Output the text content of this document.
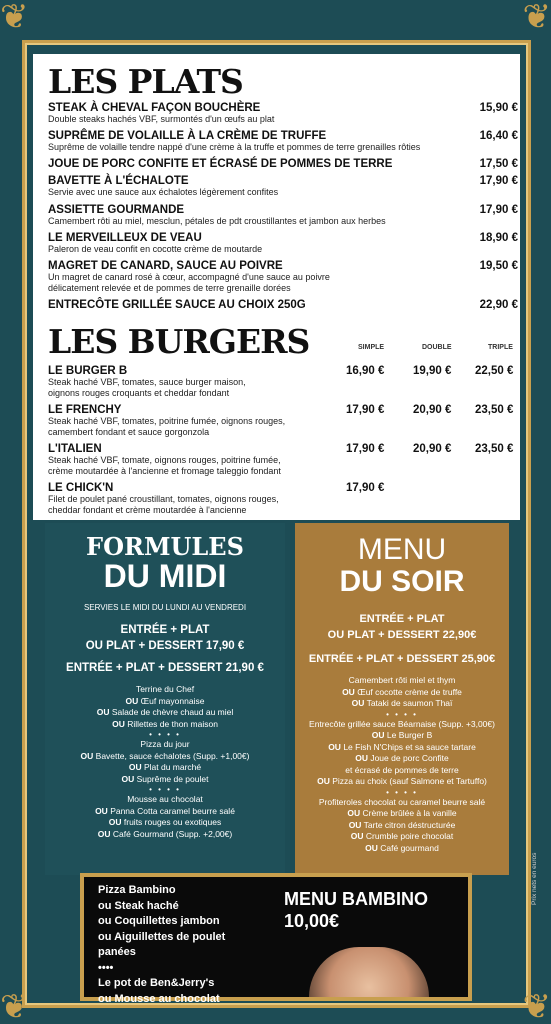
❦	❦
❦	❦
LES PLATS
STEAK À CHEVAL FAÇON BOUCHÈRE
Double steaks hachés VBF, surmontés d'un œufs au plat
15,90 €
SUPRÊME DE VOLAILLE À LA CRÈME DE TRUFFE
Suprême de volaille tendre nappé d'une crème à la truffe et pommes de terre grenailles rôties
16,40 €
JOUE DE PORC CONFITE ET ÉCRASÉ DE POMMES DE TERRE	17,50 €
BAVETTE À L'ÉCHALOTE
Servie avec une sauce aux échalotes légèrement confites
17,90 €
ASSIETTE GOURMANDE
Camembert rôti au miel, mesclun, pétales de pdt croustillantes et jambon aux herbes
17,90 €
LE MERVEILLEUX DE VEAU
Paleron de veau confit en cocotte crème de moutarde
18,90 €
MAGRET DE CANARD, SAUCE AU POIVRE
Un magret de canard rosé à cœur, accompagné d'une sauce au poivre
délicatement relevée et de pommes de terre grenaille dorées
19,50 €
ENTRECÔTE GRILLÉE SAUCE AU CHOIX 250G	22,90 €
LES BURGERS	SIMPLE	DOUBLE	TRIPLE
LE BURGER B
Steak haché VBF, tomates, sauce burger maison,
oignons rouges croquants et cheddar fondant
16,90 € 19,90 € 22,50 €
LE FRENCHY
Steak haché VBF, tomates, poitrine fumée, oignons rouges,
camembert fondant et sauce gorgonzola
17,90 € 20,90 € 23,50 €
L'ITALIEN
Steak haché VBF, tomate, oignons rouges, poitrine fumée,
crème moutardée à l'ancienne et fromage taleggio fondant
17,90 € 20,90 € 23,50 €
LE CHICK'N
Filet de poulet pané croustillant, tomates, oignons rouges,
cheddar fondant et crème moutardée à l'ancienne
17,90 €
FORMULES
DU MIDI
SERVIES LE MIDI DU LUNDI AU VENDREDI
ENTRÉE + PLAT
OU PLAT + DESSERT 17,90 €
ENTRÉE + PLAT + DESSERT 21,90 €
Terrine du Chef
OU Œuf mayonnaise
OU Salade de chèvre chaud au miel
OU Rillettes de thon maison
• • • •
Pizza du jour
OU Bavette, sauce échalotes (Supp. +1,00€)
OU Plat du marché
OU Suprême de poulet
• • • •
Mousse au chocolat
OU Panna Cotta caramel beurre salé
OU fruits rouges ou exotiques
OU Café Gourmand (Supp. +2,00€)
MENU
DU SOIR
ENTRÉE + PLAT
OU PLAT + DESSERT 22,90€
ENTRÉE + PLAT + DESSERT 25,90€
Camembert rôti miel et thym
OU Œuf cocotte crème de truffe
OU Tataki de saumon Thaï
• • • •
Entrecôte grillée sauce Béarnaise (Supp. +3,00€)
OU Le Burger B
OU Le Fish N'Chips et sa sauce tartare
OU Joue de porc Confite
et écrasé de pommes de terre
OU Pizza au choix (sauf Salmone et Tartuffo)
• • • •
Profiteroles chocolat ou caramel beurre salé
OU Crème brûlée à la vanille
OU Tarte citron déstructurée
OU Crumble poire chocolat
OU Café gourmand
Pizza Bambino
ou Steak haché
ou Coquillettes jambon
ou Aiguillettes de poulet
panées
••••
Le pot de Ben&Jerry's
ou Mousse au chocolat
MENU BAMBINO
10,00€
Prix nets en euros
